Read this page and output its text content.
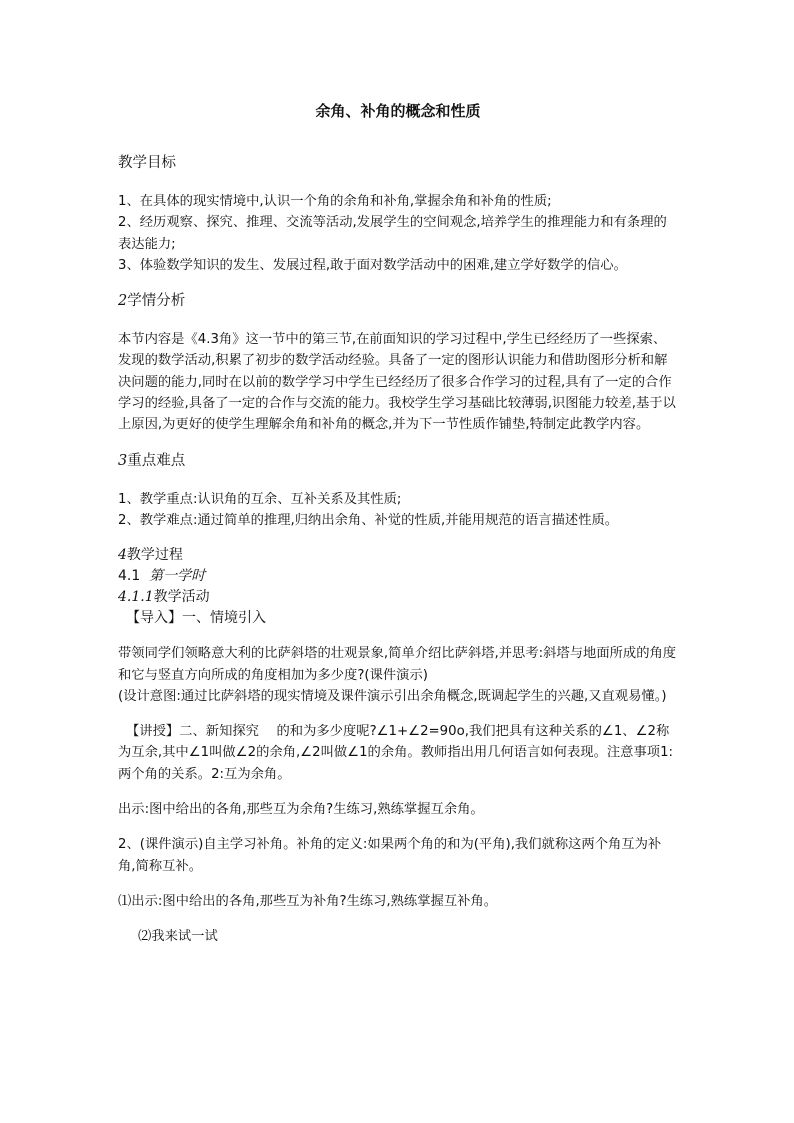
余角、补角的概念和性质
教学目标

1、在具体的现实情境中,认识一个角的余角和补角,掌握余角和补角的性质;

2、经历观察、探究、推理、交流等活动,发展学生的空间观念,培养学生的推理能力和有条理的表达能力;

3、体验数学知识的发生、发展过程,敢于面对数学活动中的困难,建立学好数学的信心。

2学情分析

本节内容是《4.3角》这一节中的第三节,在前面知识的学习过程中,学生已经经历了一些探索、发现的数学活动,积累了初步的数学活动经验。具备了一定的图形认识能力和借助图形分析和解决问题的能力,同时在以前的数学学习中学生已经经历了很多合作学习的过程,具有了一定的合作学习的经验,具备了一定的合作与交流的能力。我校学生学习基础比较薄弱,识图能力较差,基于以上原因,为更好的使学生理解余角和补角的概念,并为下一节性质作铺垫,特制定此教学内容。

3重点难点

1、教学重点:认识角的互余、互补关系及其性质;

2、教学难点:通过简单的推理,归纳出余角、补觉的性质,并能用规范的语言描述性质。

4教学过程
4.1 第一学时
4.1.1教学活动
【导入】一、情境引入

带领同学们领略意大利的比萨斜塔的壮观景象,简单介绍比萨斜塔,并思考:斜塔与地面所成的角度和它与竖直方向所成的角度相加为多少度?(课件演示)

(设计意图:通过比萨斜塔的现实情境及课件演示引出余角概念,既调起学生的兴趣,又直观易懂。)

【讲授】二、新知探究　 的和为多少度呢?∠1+∠2=90o,我们把具有这种关系的∠1、∠2称为互余,其中∠1叫做∠2的余角,∠2叫做∠1的余角。教师指出用几何语言如何表现。注意事项1:两个角的关系。2:互为余角。

出示:图中给出的各角,那些互为余角?生练习,熟练掌握互余角。

2、(课件演示)自主学习补角。补角的定义:如果两个角的和为(平角),我们就称这两个角互为补角,简称互补。

⑴出示:图中给出的各角,那些互为补角?生练习,熟练掌握互补角。

⑵我来试一试
